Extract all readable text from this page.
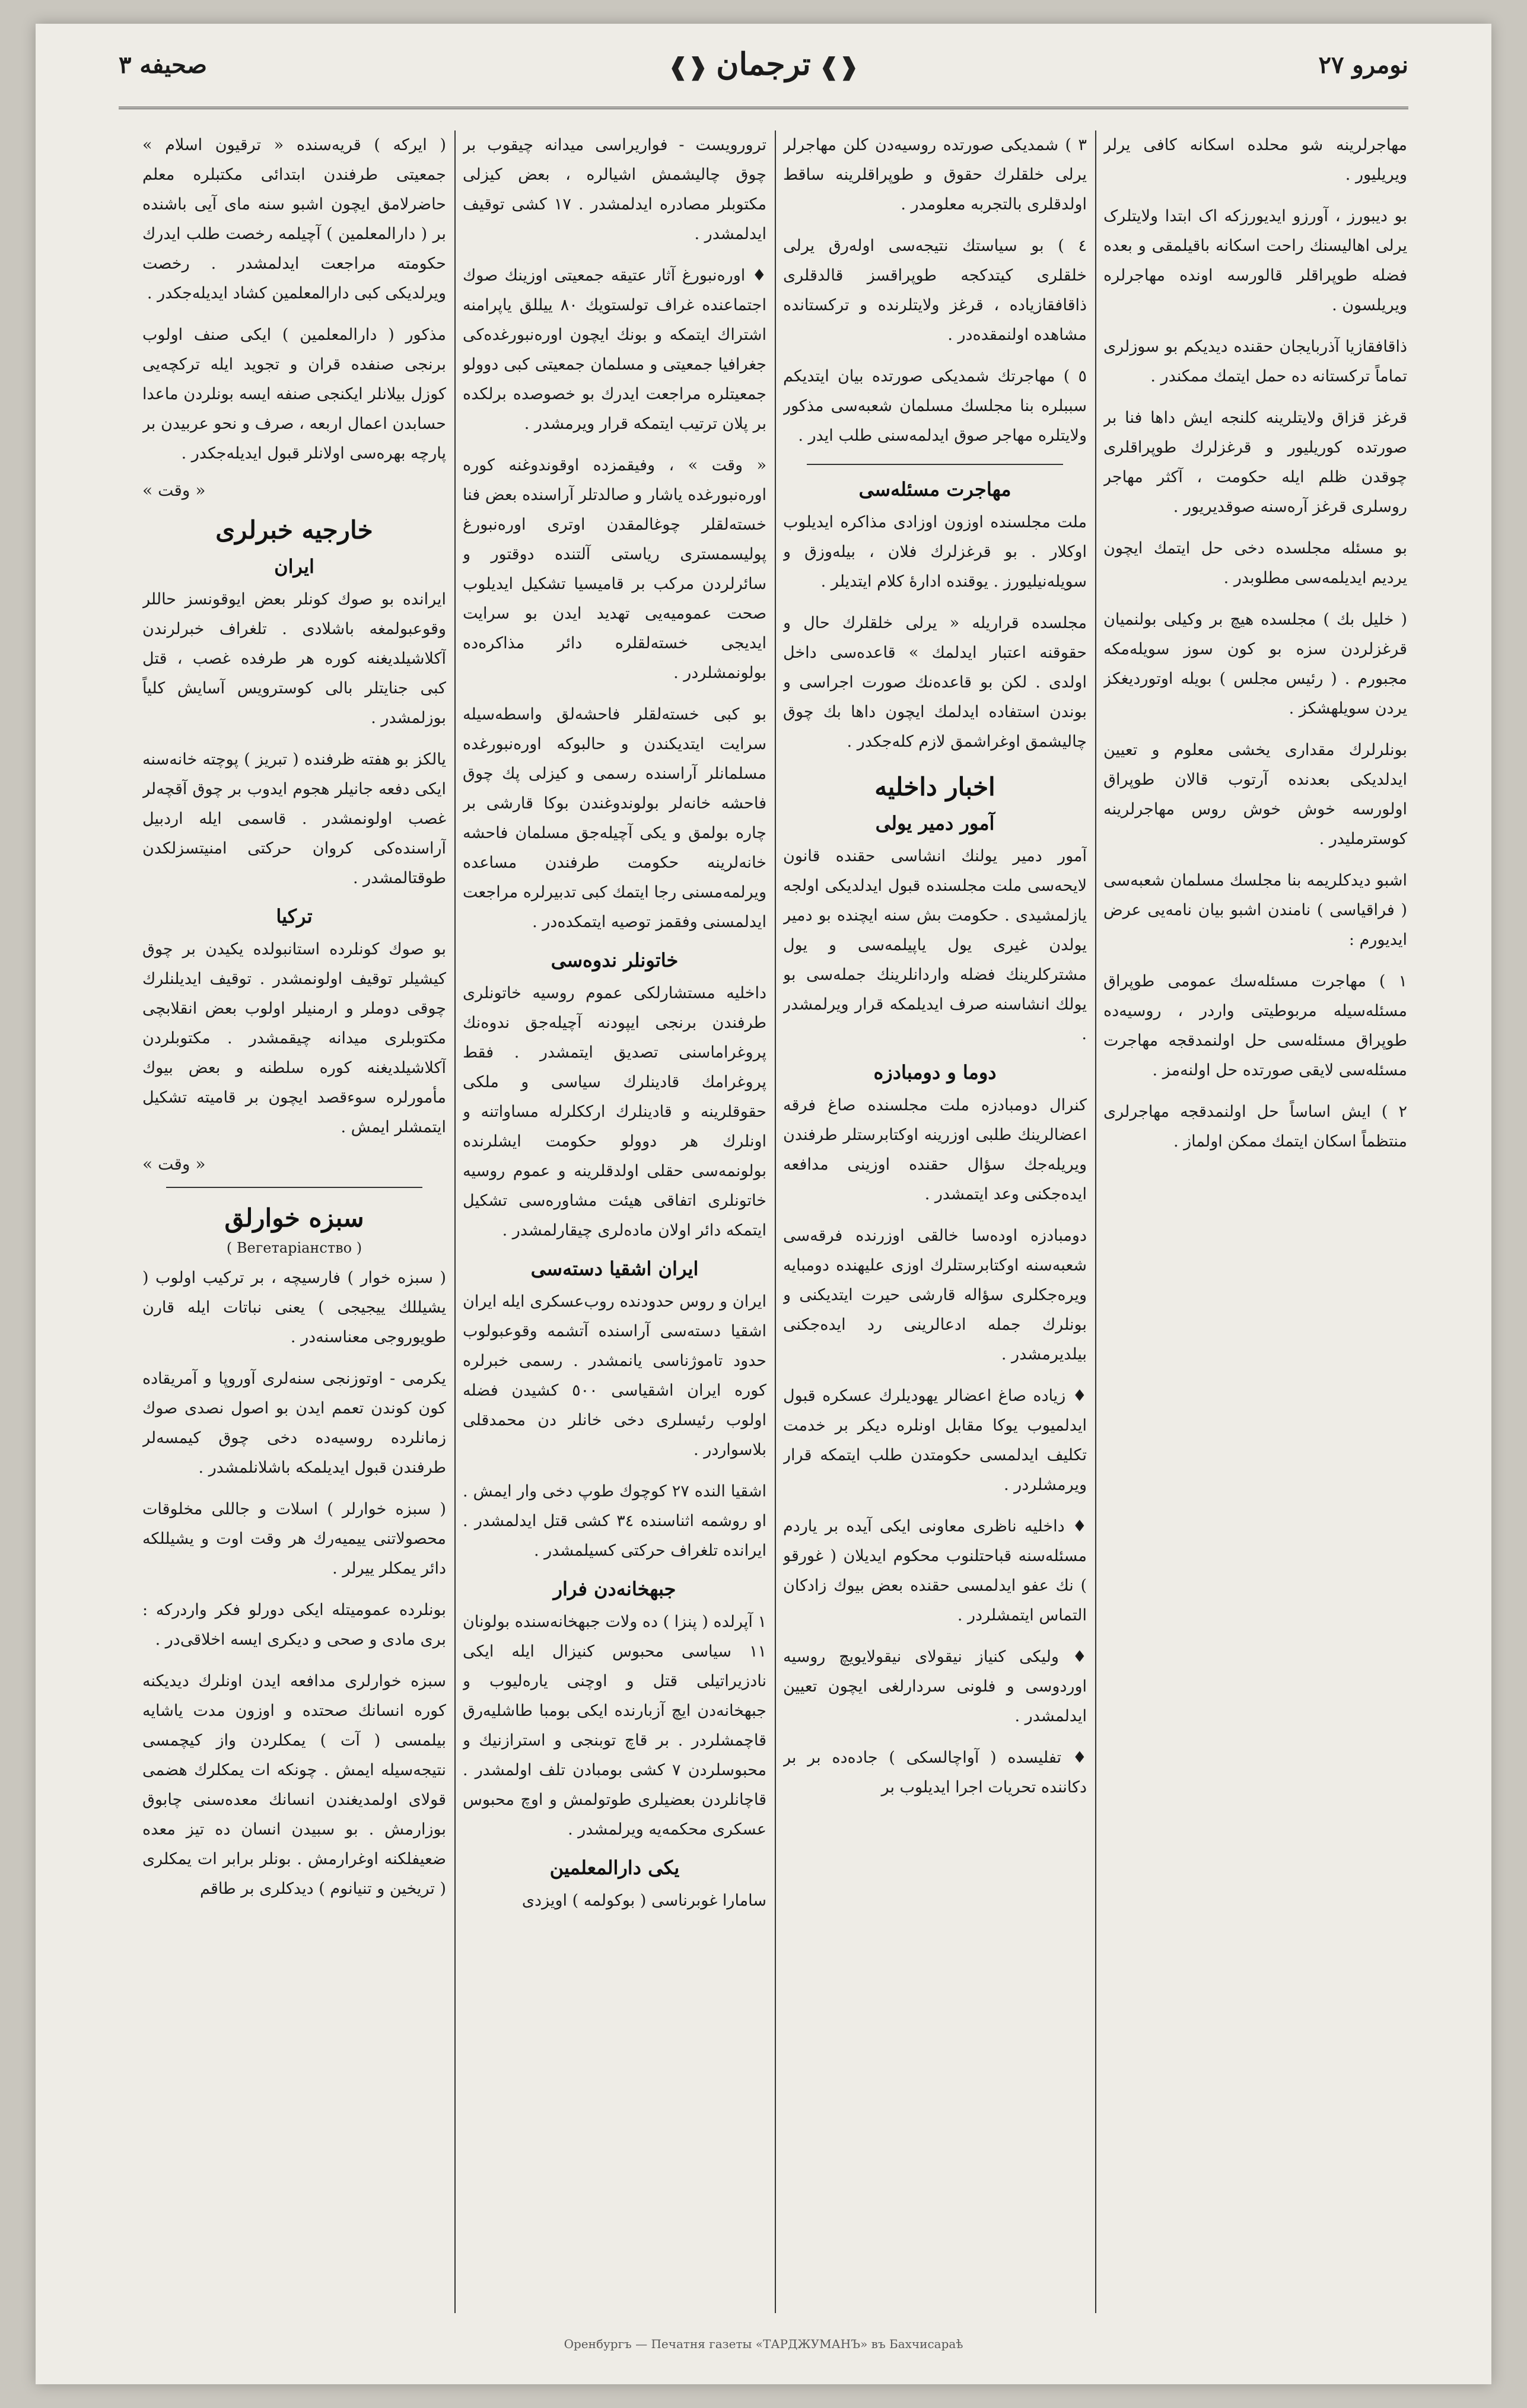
نومرو ٢٧
❰❱ترجمان❰❱
صحیفه ٣

مهاجرلرینه شو محلده اسکانه کافی یرلر ویریلیور .

بو دیبورز ، آورزو ایدیورزکه اک ابتدا ولایتلرک یرلی اهالیسنك راحت اسکانه باقیلمقی و بعده فضله طوپراقلر قالورسه اونده مهاجرلره ویریلسون .

ذاقافقازیا آذربایجان حقنده دیدیکم بو سوزلری تماماً ترکستانه ده حمل ایتمك ممکندر .

قرغز قزاق ولایتلرینه کلنجه ایش داها فنا بر صورتده کوریلیور و قرغزلرك طوپراقلری چوقدن ظلم ایله حکومت ، آکثر مهاجر روسلری قرغز آره‌سنه صوقدیریور .

بو مسئله مجلسده دخی حل ایتمك ایچون یردیم ایدیلمه‌سی مطلوبدر .

( خلیل بك ) مجلسده هیچ بر وکیلی بولنمیان قرغزلردن سزه بو کون سوز سویله‌مکه مجبورم . ( رئیس مجلس ) بویله اوتوردیغکز یردن سویلهشکز .

بونلرلرك مقداری یخشی معلوم و تعیین ایدلدیکی بعدنده آرتوب قالان طوپراق اولورسه خوش خوش روس مهاجرلرینه کوسترملیدر .

اشبو دیدکلریمه بنا مجلسك مسلمان شعبه‌سی ( فراقیاسی ) نامندن اشبو بیان نامه‌یی عرض ایدیورم :

١ ) مهاجرت مسئله‌سك عمومی طوپراق مسئله‌سیله مربوطیتی واردر ، روسیه‌ده طوپراق مسئله‌سی حل اولنمدقجه مهاجرت مسئله‌سی لایقی صورتده حل اولنه‌مز .

٢ ) ایش اساساً حل اولنمدقجه مهاجرلری منتظماً اسکان ایتمك ممکن اولماز .

٣ ) شمدیکی صورتده روسیه‌دن کلن مهاجرلر یرلی خلقلرك حقوق و طوپراقلرینه ساقط اولدقلری بالتجربه معلومدر .

٤ ) بو سیاستك نتیجه‌سی اوله‌رق یرلی خلقلری کیتدکجه طوپراقسز قالدقلری ذاقافقازیاده ، قرغز ولایتلرنده و ترکستانده مشاهده اولنمقده‌در .

٥ ) مهاجرتك شمدیکی صورتده بیان ایتدیکم سببلره بنا مجلسك مسلمان شعبه‌سی مذکور ولایتلره مهاجر صوق ایدلمه‌سنی طلب ایدر .

مهاجرت مسئله‌سی

ملت مجلسنده اوزون اوزادی مذاکره ایدیلوب اوکلار . بو قرغزلرك فلان ، بیله‌وزق و سویله‌نیلیورز . یوقنده ادارهٔ کلام ایتدیلر .

مجلسده قراریله « یرلی خلقلرك حال و حقوقنه اعتبار ایدلمك » قاعده‌سی داخل اولدی . لکن بو قاعده‌نك صورت اجراسی و بوندن استفاده ایدلمك ایچون داها بك چوق چالیشمق اوغراشمق لازم کله‌جکدر .

اخبار داخلیه
آمور دمیر یولی

آمور دمیر یولنك انشاسی حقنده قانون لایحه‌سی ملت مجلسنده قبول ایدلدیکی اولجه یازلمشیدی . حکومت بش سنه ایچنده بو دمیر یولدن غیری یول یاپیلمه‌سی و یول مشترکلرینك فضله واردانلرینك جمله‌سی بو یولك انشاسنه صرف ایدیلمکه قرار ویرلمشدر .

دوما و دومبادزه

کنرال دومبادزه ملت مجلسنده صاغ فرقه اعضالرینك طلبی اوزرینه اوکتابرستلر طرفندن ویریله‌جك سؤال حقنده اوزینی مدافعه ایده‌جکنی وعد ایتمشدر .

دومبادزه اوده‌سا خالقی اوزرنده فرقه‌سی شعبه‌سنه اوکتابرستلرك اوزی علیهنده دومبایه ویره‌جکلری سؤاله قارشی حیرت ایتدیکنی و بونلرك جمله ادعالرینی رد ایده‌جکنی بیلدیرمشدر .

♦ زیاده صاغ اعضالر یهودیلرك عسکره قبول ایدلمیوب یوکا مقابل اونلره دیکر بر خدمت تکلیف ایدلمسی حکومتدن طلب ایتمکه قرار ویرمشلردر .

♦ داخلیه ناظری معاونی ایکی آیده بر یاردم مسئله‌سنه قباحتلنوب محکوم ایدیلان ( غورقو ) نك عفو ایدلمسی حقنده بعض بیوك زادکان التماس ایتمشلردر .

♦ ولیکی کنیاز نیقولای نیقولایویچ روسیه اوردوسی و فلونی سردارلغی ایچون تعیین ایدلمشدر .

♦ تفلیسده ( آواچالسکی ) جاده‌ده بر بر دکاننده تحریات اجرا ایدیلوب بر

ترورویست - فواریراسی میدانه چیقوب بر چوق چالیشمش اشیالره ، بعض کیزلی مکتوبلر مصادره ایدلمشدر . ١٧ کشی توقیف ایدلمشدر .

♦ اوره‌نبورغ آثار عتیقه جمعیتی اوزینك صوك اجتماعنده غراف تولستویك ٨٠ ییللق یاپرامنه اشتراك ایتمکه و بونك ایچون اوره‌نبورغده‌کی جغرافیا جمعیتی و مسلمان جمعیتی کبی دوولو جمعیتلره مراجعت ایدرك بو خصوصده برلکده بر پلان ترتیب ایتمکه قرار ویرمشدر .

« وقت » ، وفیقمزده اوقوندوغنه کوره اوره‌نبورغده یاشار و صالدتلر آراسنده بعض فنا خسته‌لقلر چوغالمقدن اوتری اوره‌نبورغ پولیسمستری ریاستی آلتنده دوقتور و سائرلردن مرکب بر قامیسیا تشکیل ایدیلوب صحت عمومیه‌یی تهدید ایدن بو سرایت ایدیجی خسته‌لقلره دائر مذاکره‌ده بولونمشلردر .

بو کبی خسته‌لقلر فاحشه‌لق واسطه‌سیله سرایت ایتدیکندن و حالبوکه اوره‌نبورغده مسلمانلر آراسنده رسمی و کیزلی پك چوق فاحشه خانه‌لر بولوندوغندن بوکا قارشی بر چاره بولمق و یکی آچیله‌جق مسلمان فاحشه خانه‌لرینه حکومت طرفندن مساعده ویرلمه‌مسنی رجا ایتمك کبی تدبیرلره مراجعت ایدلمسنی وفقمز توصیه ایتمکده‌در .

خاتونلر ندوه‌سی

داخلیه مستشارلکی عموم روسیه خاتونلری طرفندن برنجی ایپودنه آچیله‌جق ندوه‌نك پروغراماسنی تصدیق ایتمشدر . فقط پروغرامك قادینلرك سیاسی و ملکی حقوقلرینه و قادینلرك ارککلرله مساواتنه و اونلرك هر دوولو حکومت ایشلرنده بولونمه‌سی حقلی اولدقلرینه و عموم روسیه خاتونلری اتفاقی هیئت مشاوره‌سی تشکیل ایتمکه دائر اولان ماده‌لری چیقارلمشدر .

ایران اشقیا دسته‌سی

ایران و روس حدودنده روب‌عسکری ایله ایران اشقیا دسته‌سی آراسنده آتشمه وقوعبولوب حدود تاموژناسی یانمشدر . رسمی خبرلره کوره ایران اشقیاسی ٥٠٠ کشیدن فضله اولوب رئیسلری دخی خانلر دن محمدقلی بلاسواردر .

اشقیا النده ٢٧ کوچوك طوپ دخی وار ایمش . او روشمه اثناسنده ٣٤ کشی قتل ایدلمشدر . ایرانده تلغراف حرکتی کسیلمشدر .

جبهخانه‌دن فرار

١ آپرلده ( پنزا ) ده ولات جبهخانه‌سنده بولونان ١١ سیاسی محبوس کنیزال ایله ایکی نادزیراتیلی قتل و اوچنی یاره‌لیوب و جبهخانه‌دن ایچ آزبارنده ایکی بومبا طاشلیه‌رق قاچمشلردر . بر قاچ توبنجی و استرازنیك و محبوسلردن ٧ کشی بومبادن تلف اولمشدر . قاچانلردن بعضیلری طوتولمش و اوچ محبوس عسکری محکمه‌یه ویرلمشدر .

یکی دارالمعلمین

سامارا غوبرناسی ( بوکولمه ) اویزدی

( ایرکه ) قریه‌سنده « ترقیون اسلام » جمعیتی طرفندن ابتدائی مکتبلره معلم حاضرلامق ایچون اشبو سنه مای آیی باشنده بر ( دارالمعلمین ) آچیلمه رخصت طلب ایدرك حکومته مراجعت ایدلمشدر . رخصت ویرلدیکی کبی دارالمعلمین کشاد ایدیله‌جکدر .

مذکور ( دارالمعلمین ) ایکی صنف اولوب برنجی صنفده قران و تجوید ایله ترکچه‌یی کوزل بیلانلر ایکنجی صنفه ایسه بونلردن ماعدا حسابدن اعمال اربعه ، صرف و نحو عربیدن بر پارچه بهره‌سی اولانلر قبول ایدیله‌جکدر .

« وقت »
خارجیه خبرلری
ایران

ایرانده بو صوك کونلر بعض ایوقونسز حاللر وقوعبولمغه باشلادی . تلغراف خبرلرندن آکلاشیلدیغنه کوره هر طرفده غصب ، قتل کبی جنایتلر بالی کوسترویس آسایش کلیاً بوزلمشدر .

یالکز بو هفته ظرفنده ( تبریز ) پوچته خانه‌سنه ایکی دفعه جانیلر هجوم ایدوب بر چوق آقچه‌لر غصب اولونمشدر . قاسمی ایله اردبیل آراسنده‌کی کروان حرکتی امنیتسزلکدن طوقتالمشدر .

ترکیا

بو صوك کونلرده استانبولده یکیدن بر چوق کیشیلر توقیف اولونمشدر . توقیف ایدیلنلرك چوقی دوملر و ارمنیلر اولوب بعض انقلابچی مکتوبلری میدانه چیقمشدر . مکتوبلردن آکلاشیلدیغنه کوره سلطنه و بعض بیوك مأمورلره سوءقصد ایچون بر قامیته تشکیل ایتمشلر ایمش .

« وقت »
سبزه خوارلق
( Вегетаріанство )

( سبزه خوار ) فارسیچه ، بر ترکیب اولوب ( یشیللك ییجیجی ) یعنی نباتات ایله قارن طویوروجی معناسنه‌در .

یکرمی - اوتوزنجی سنه‌لری آوروپا و آمریقاده کون کوندن تعمم ایدن بو اصول نصدی صوك زمانلرده روسیه‌ده دخی چوق کیمسه‌لر طرفندن قبول ایدیلمکه باشلا‌نلمشدر .

( سبزه خوارلر ) اسلات و جاللی مخلوقات محصولاتنی ییمیه‌رك هر وقت اوت و یشیللکه دائر یمکلر ییرلر .

بونلرده عمومیتله ایکی دورلو فکر واردرکه : بری مادی و صحی و دیکری ایسه اخلاقی‌در .

سبزه خوارلری مدافعه ایدن اونلرك دیدیکنه کوره انسانك صحتده و اوزون مدت یاشایه بیلمسی ( آت ) یمکلردن واز کیچمسی نتیجه‌سیله ایمش . چونکه ات یمکلرك هضمی قولای اولمدیغندن انسانك معده‌سنی چابوق بوزارمش . بو سبیدن انسان ده تیز معده ضعیفلکنه اوغرارمش . بونلر برابر ات یمکلری ( تریخین و تنیانوم ) دیدکلری بر طاقم

Оренбургъ — Печатня газеты «ТАРДЖУМАНЪ» въ Бахчисараѣ
